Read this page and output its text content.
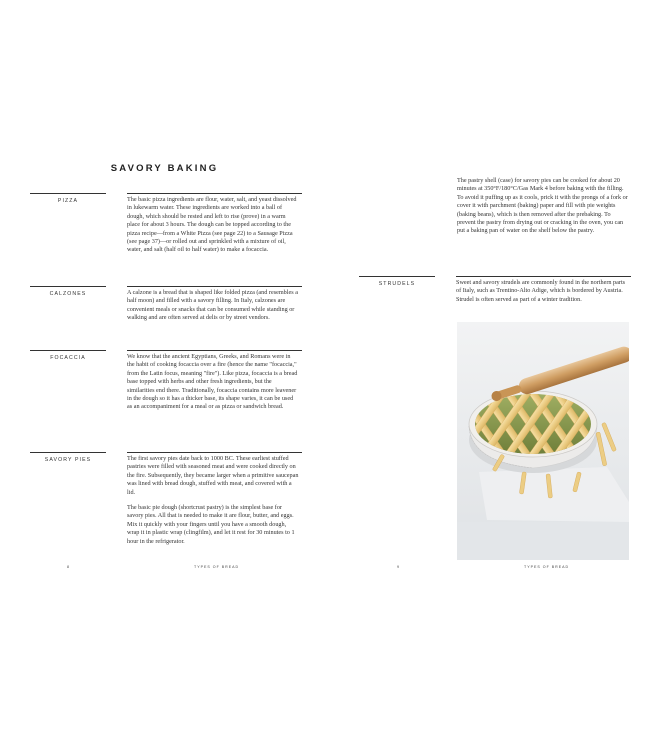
SAVORY BAKING
PIZZA	The basic pizza ingredients are flour, water, salt, and yeast dissolved in lukewarm water. These ingredients are worked into a ball of dough, which should be rested and left to rise (prove) in a warm place for about 3 hours. The dough can be topped according to the pizza recipe—from a White Pizza (see page 22) to a Sausage Pizza (see page 37)—or rolled out and sprinkled with a mixture of oil, water, and salt (half oil to half water) to make a focaccia.

CALZONES	A calzone is a bread that is shaped like folded pizza (and resembles a half moon) and filled with a savory filling. In Italy, calzones are convenient meals or snacks that can be consumed while standing or walking and are often served at delis or by street vendors.

FOCACCIA	We know that the ancient Egyptians, Greeks, and Romans were in the habit of cooking focaccia over a fire (hence the name "focaccia," from the Latin focus, meaning "fire"). Like pizza, focaccia is a bread base topped with herbs and other fresh ingredients, but the similarities end there. Traditionally, focaccia contains more leavener in the dough so it has a thicker base, its shape varies, it can be used as an accompaniment for a meal or as pizza or sandwich bread.

SAVORY PIES	The first savory pies date back to 1000 BC. These earliest stuffed pastries were filled with seasoned meat and were cooked directly on the fire. Subsequently, they became larger when a primitive saucepan was lined with bread dough, stuffed with meat, and covered with a lid.

The basic pie dough (shortcrust pastry) is the simplest base for savory pies. All that is needed to make it are flour, butter, and eggs. Mix it quickly with your fingers until you have a smooth dough, wrap it in plastic wrap (clingfilm), and let it rest for 30 minutes to 1 hour in the refrigerator.

8	TYPES OF BREAD
The pastry shell (case) for savory pies can be cooked for about 20 minutes at 350°F/180°C/Gas Mark 4 before baking with the filling. To avoid it puffing up as it cools, prick it with the prongs of a fork or cover it with parchment (baking) paper and fill with pie weights (baking beans), which is then removed after the prebaking. To prevent the pastry from drying out or cracking in the oven, you can put a baking pan of water on the shelf below the pastry.
STRUDELS	Sweet and savory strudels are commonly found in the northern parts of Italy, such as Trentino-Alto Adige, which is bordered by Austria. Strudel is often served as part of a winter tradition.

9	TYPES OF BREAD
